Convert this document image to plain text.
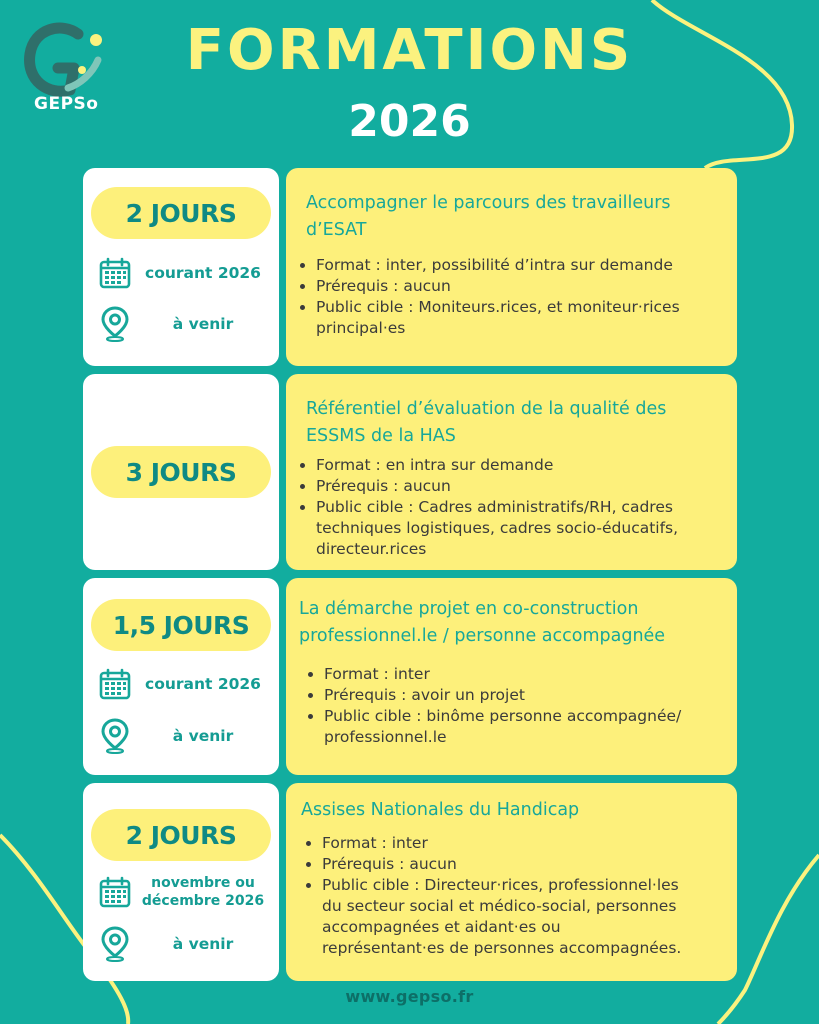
GEPSo
FORMATIONS
2026
2 JOURS
courant 2026
à venir
Accompagner le parcours des travailleurs
d’ESAT
• Format : inter, possibilité d’intra sur demande
• Prérequis : aucun
• Public cible : Moniteurs.rices, et moniteur·rices
principal·es
3 JOURS
Référentiel d’évaluation de la qualité des
ESSMS de la HAS
• Format : en intra sur demande
• Prérequis : aucun
• Public cible : Cadres administratifs/RH, cadres
techniques logistiques, cadres socio-éducatifs,
directeur.rices
1,5 JOURS
courant 2026
à venir
La démarche projet en co-construction
professionnel.le / personne accompagnée
• Format : inter
• Prérequis : avoir un projet
• Public cible : binôme personne accompagnée/
professionnel.le
2 JOURS
novembre ou
décembre 2026
à venir
Assises Nationales du Handicap
• Format : inter
• Prérequis : aucun
• Public cible : Directeur·rices, professionnel·les
du secteur social et médico-social, personnes
accompagnées et aidant·es ou
représentant·es de personnes accompagnées.
www.gepso.fr
